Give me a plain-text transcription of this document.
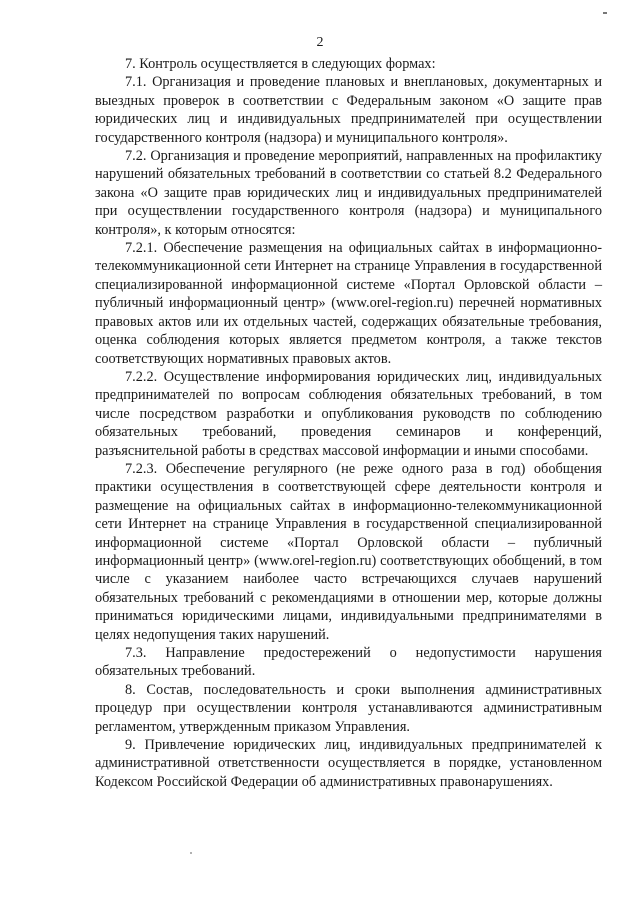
2

7. Контроль осуществляется в следующих формах:

7.1. Организация и проведение плановых и внеплановых, документарных и выездных проверок в соответствии с Федеральным законом «О защите прав юридических лиц и индивидуальных предпринимателей при осуществлении государственного контроля (надзора) и муниципального контроля».

7.2. Организация и проведение мероприятий, направленных на профилактику нарушений обязательных требований в соответствии со статьей 8.2 Федерального закона «О защите прав юридических лиц и индивидуальных предпринимателей при осуществлении государственного контроля (надзора) и муниципального контроля», к которым относятся:

7.2.1. Обеспечение размещения на официальных сайтах в информационно-телекоммуникационной сети Интернет на странице Управления в государственной специализированной информационной системе «Портал Орловской области – публичный информационный центр» (www.orel-region.ru) перечней нормативных правовых актов или их отдельных частей, содержащих обязательные требования, оценка соблюдения которых является предметом контроля, а также текстов соответствующих нормативных правовых актов.

7.2.2. Осуществление информирования юридических лиц, индивидуальных предпринимателей по вопросам соблюдения обязательных требований, в том числе посредством разработки и опубликования руководств по соблюдению обязательных требований, проведения семинаров и конференций, разъяснительной работы в средствах массовой информации и иными способами.

7.2.3. Обеспечение регулярного (не реже одного раза в год) обобщения практики осуществления в соответствующей сфере деятельности контроля и размещение на официальных сайтах в информационно-телекоммуникационной сети Интернет на странице Управления в государственной специализированной информационной системе «Портал Орловской области – публичный информационный центр» (www.orel-region.ru) соответствующих обобщений, в том числе с указанием наиболее часто встречающихся случаев нарушений обязательных требований с рекомендациями в отношении мер, которые должны приниматься юридическими лицами, индивидуальными предпринимателями в целях недопущения таких нарушений.

7.3. Направление предостережений о недопустимости нарушения обязательных требований.

8. Состав, последовательность и сроки выполнения административных процедур при осуществлении контроля устанавливаются административным регламентом, утвержденным приказом Управления.

9. Привлечение юридических лиц, индивидуальных предпринимателей к административной ответственности осуществляется в порядке, установленном Кодексом Российской Федерации об административных правонарушениях.
